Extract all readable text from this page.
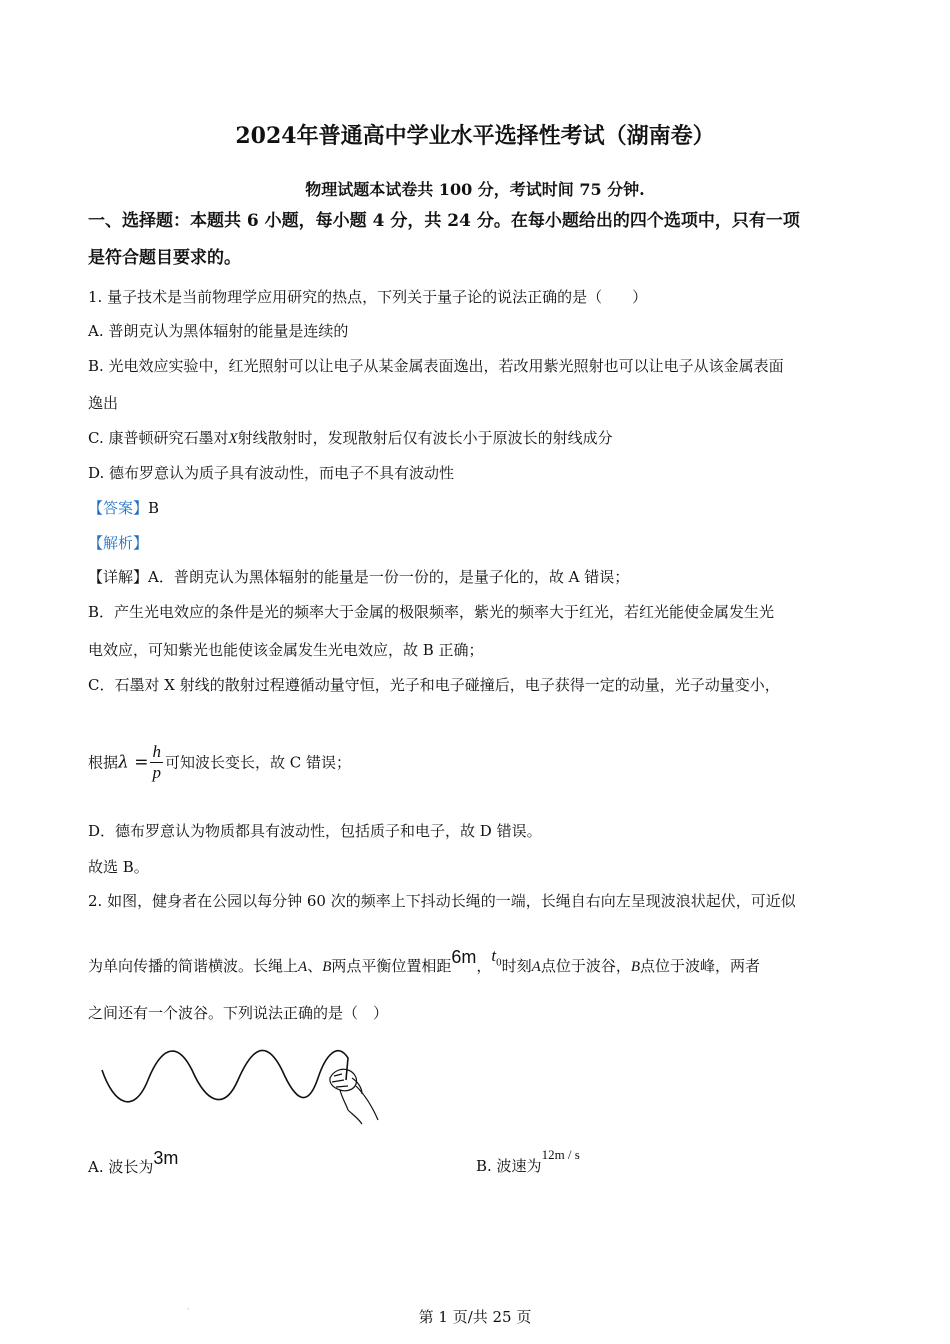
2024年普通高中学业水平选择性考试（湖南卷）
物理试题本试卷共 100 分，考试时间 75 分钟.
一、选择题：本题共 6 小题，每小题 4 分，共 24 分。在每小题给出的四个选项中，只有一项
是符合题目要求的。
1. 量子技术是当前物理学应用研究的热点，下列关于量子论的说法正确的是（　　）
A. 普朗克认为黑体辐射的能量是连续的
B. 光电效应实验中，红光照射可以让电子从某金属表面逸出，若改用紫光照射也可以让电子从该金属表面
逸出
C. 康普顿研究石墨对X射线散射时，发现散射后仅有波长小于原波长的射线成分
D. 德布罗意认为质子具有波动性，而电子不具有波动性
【答案】B
【解析】
【详解】A．普朗克认为黑体辐射的能量是一份一份的，是量子化的，故 A 错误；
B．产生光电效应的条件是光的频率大于金属的极限频率，紫光的频率大于红光，若红光能使金属发生光
电效应，可知紫光也能使该金属发生光电效应，故 B 正确；
C．石墨对 X 射线的散射过程遵循动量守恒，光子和电子碰撞后，电子获得一定的动量，光子动量变小，
根据$\lambda = \frac{h}{p}$ 可知波长变长，故 C 错误；
D．德布罗意认为物质都具有波动性，包括质子和电子，故 D 错误。
故选 B。
2. 如图，健身者在公园以每分钟 60 次的频率上下抖动长绳的一端，长绳自右向左呈现波浪状起伏，可近似
为单向传播的简谐横波。长绳上A、B两点平衡位置相距6m，$t_0$时刻A点位于波谷，B点位于波峰，两者
之间还有一个波谷。下列说法正确的是（　）
A. 波长为3m	B. 波速为12m / s
·	第 1 页/共 25 页
